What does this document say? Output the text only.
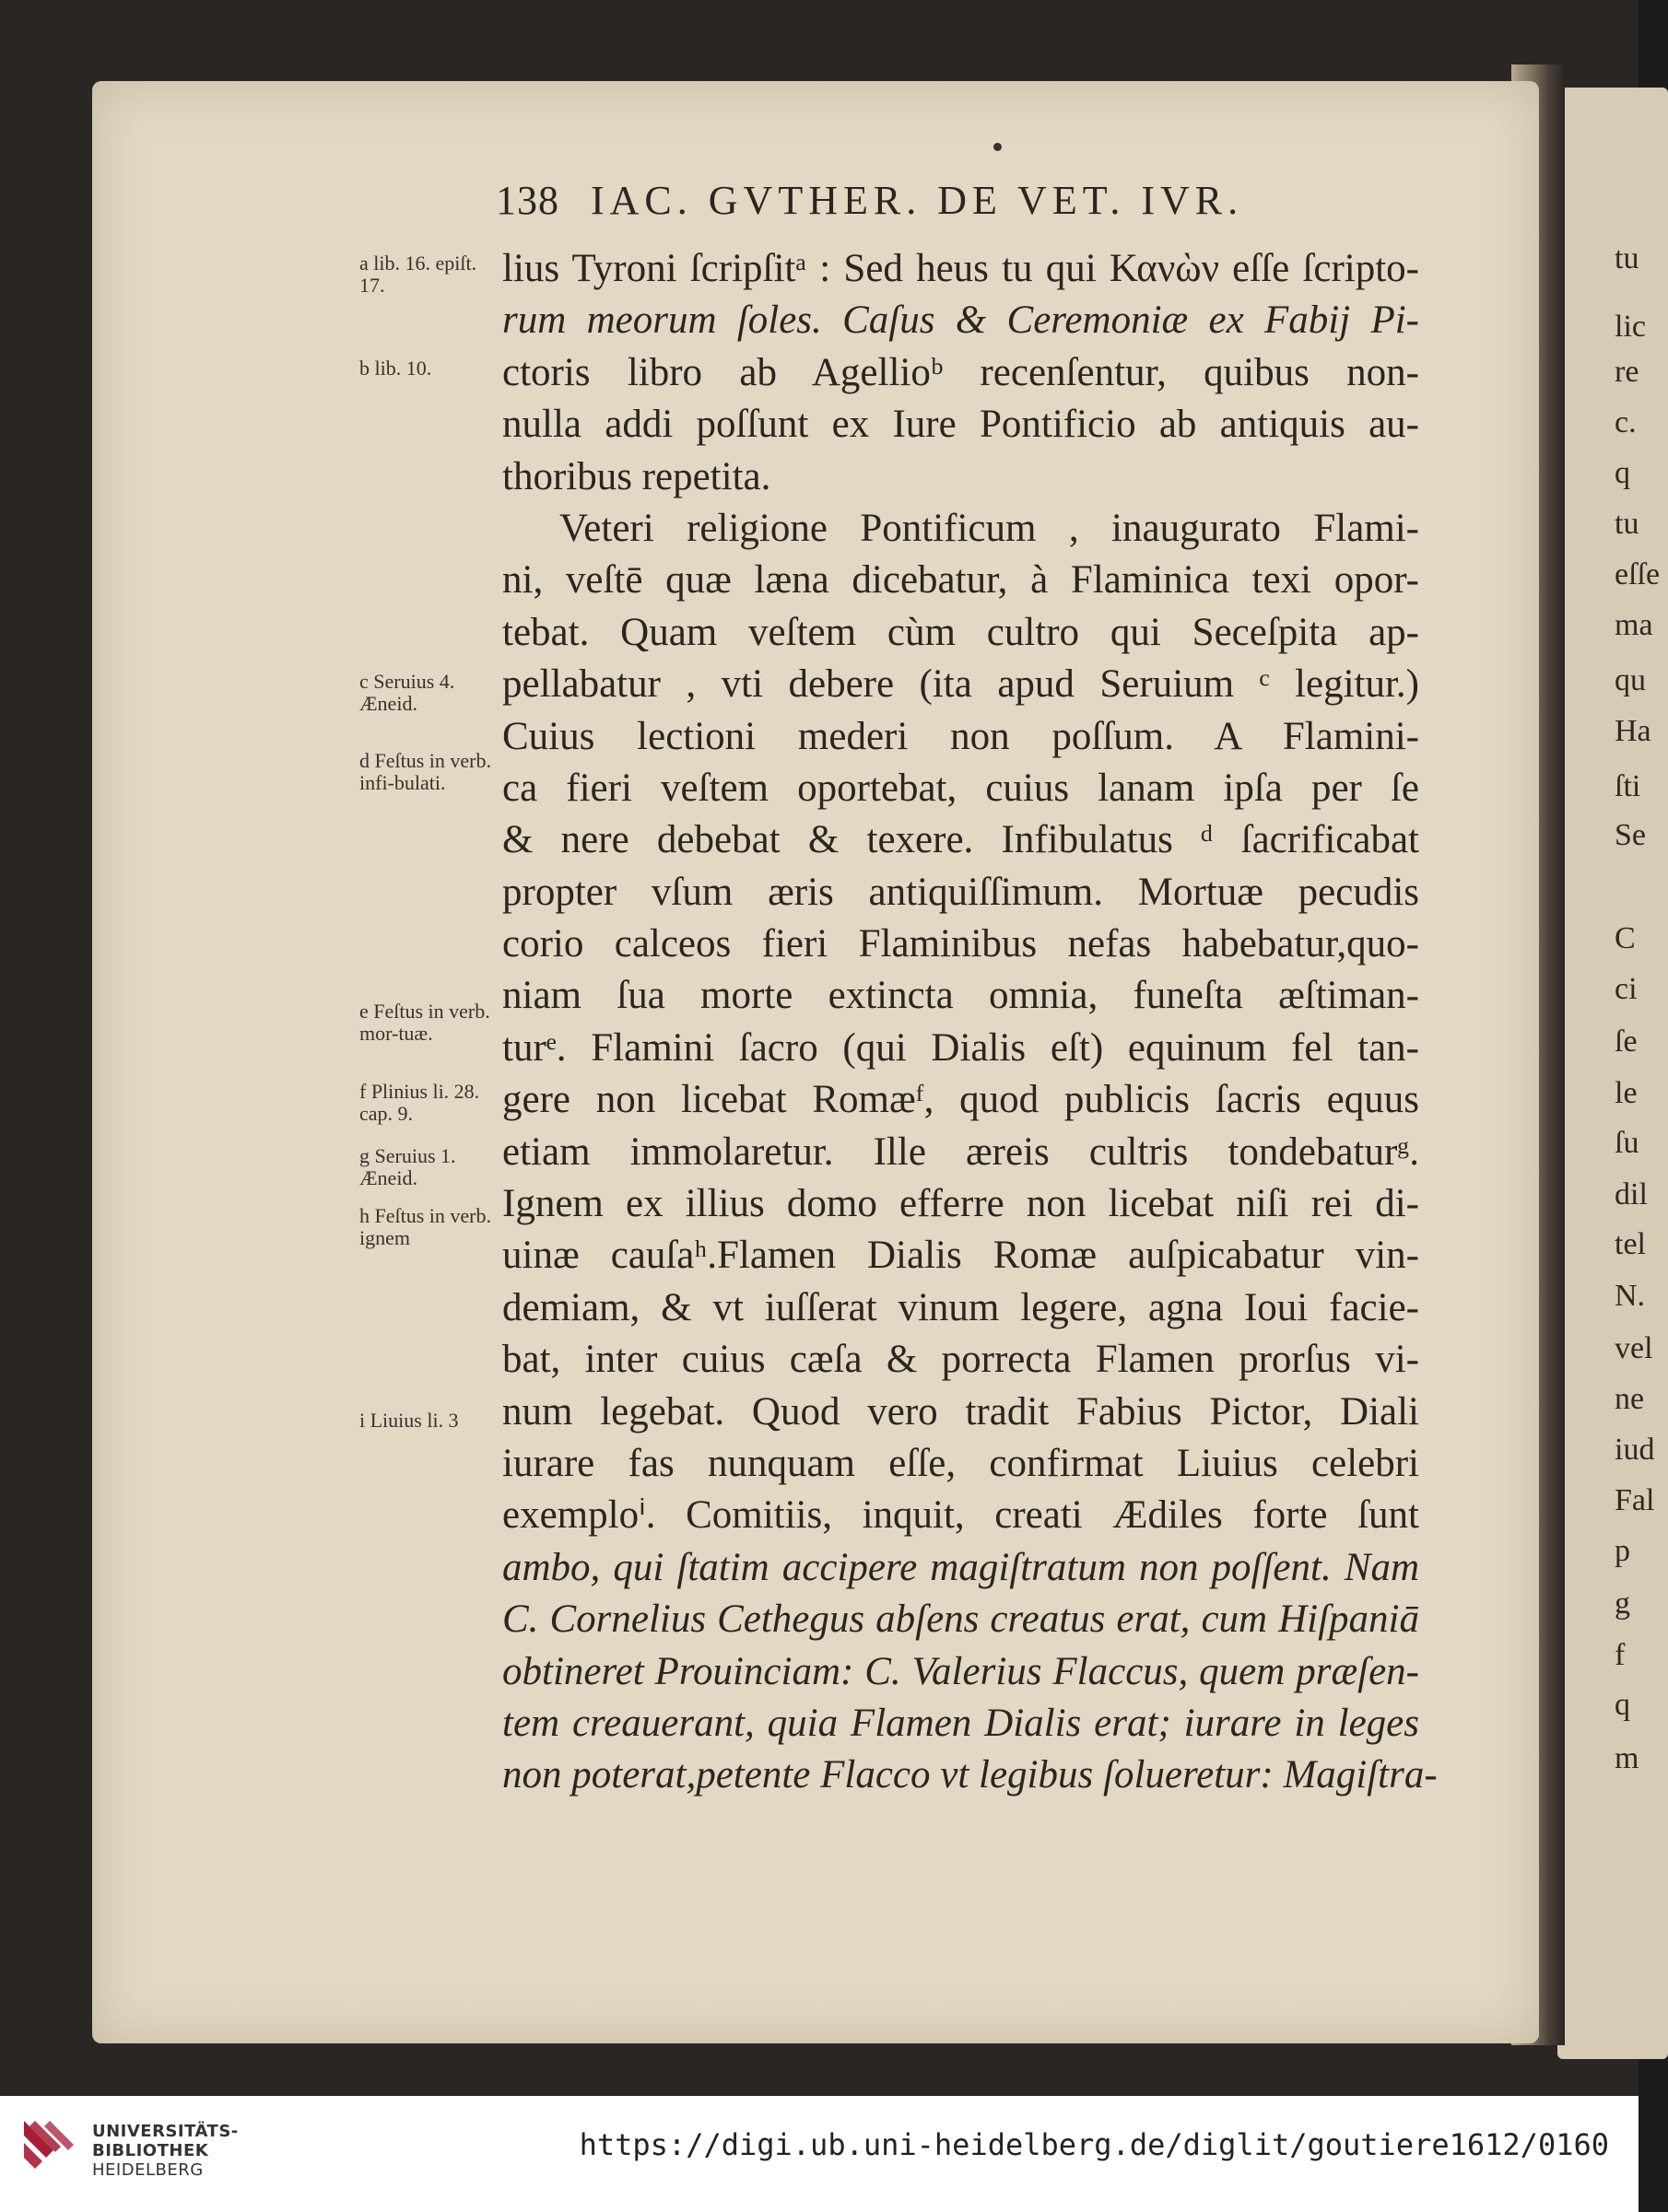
138 IAC. GVTHER. DE VET. IVR.
lius Tyroni ſcripſitᵃ : Sed heus tu qui Κανὼν eſſe ſcripto-
rum meorum ſoles. Caſus & Ceremoniæ ex Fabij Pi-
ctoris libro ab Agellioᵇ recenſentur, quibus non-
nulla addi poſſunt ex Iure Pontificio ab antiquis au-
thoribus repetita.
Veteri religione Pontificum , inaugurato Flami-
ni, veſtē quæ læna dicebatur, à Flaminica texi opor-
tebat. Quam veſtem cùm cultro qui Seceſpita ap-
pellabatur , vti debere (ita apud Seruium ᶜ legitur.)
Cuius lectioni mederi non poſſum. A Flamini-
ca fieri veſtem oportebat, cuius lanam ipſa per ſe
& nere debebat & texere. Infibulatus ᵈ ſacrificabat
propter vſum æris antiquiſſimum. Mortuæ pecudis
corio calceos fieri Flaminibus nefas habebatur,quo-
niam ſua morte extincta omnia, funeſta æſtiman-
turᵉ. Flamini ſacro (qui Dialis eſt) equinum fel tan-
gere non licebat Romæᶠ, quod publicis ſacris equus
etiam immolaretur. Ille æreis cultris tondebaturᵍ.
Ignem ex illius domo efferre non licebat niſi rei di-
uinæ cauſaʰ.Flamen Dialis Romæ auſpicabatur vin-
demiam, & vt iuſſerat vinum legere, agna Ioui facie-
bat, inter cuius cæſa & porrecta Flamen prorſus vi-
num legebat. Quod vero tradit Fabius Pictor, Diali
iurare fas nunquam eſſe, confirmat Liuius celebri
exemploⁱ. Comitiis, inquit, creati Ædiles forte ſunt
ambo, qui ſtatim accipere magiſtratum non poſſent. Nam
C. Cornelius Cethegus abſens creatus erat, cum Hiſpaniā
obtineret Prouinciam: C. Valerius Flaccus, quem præſen-
tem creauerant, quia Flamen Dialis erat; iurare in leges
non poterat,petente Flacco vt legibus ſolueretur: Magiſtra-
a lib. 16. epiſt. 17.
b lib. 10.
c Seruius 4. Æneid.
d Feſtus in verb. infi-bulati.
e Feſtus in verb. mor-tuæ.
f Plinius li. 28. cap. 9.
g Seruius 1. Æneid.
h Feſtus in verb. ignem
i Liuius li. 3
tu
lic
re
c.
q
tu
eſſe
ma
qu
Ha
ſti
Se
C
ci
ſe
le
ſu
dil
tel
N.
vel
ne
iud
Fal
p
g
f
q
m
UNIVERSITÄTS-
BIBLIOTHEK
HEIDELBERG
https://digi.ub.uni-heidelberg.de/diglit/goutiere1612/0160
